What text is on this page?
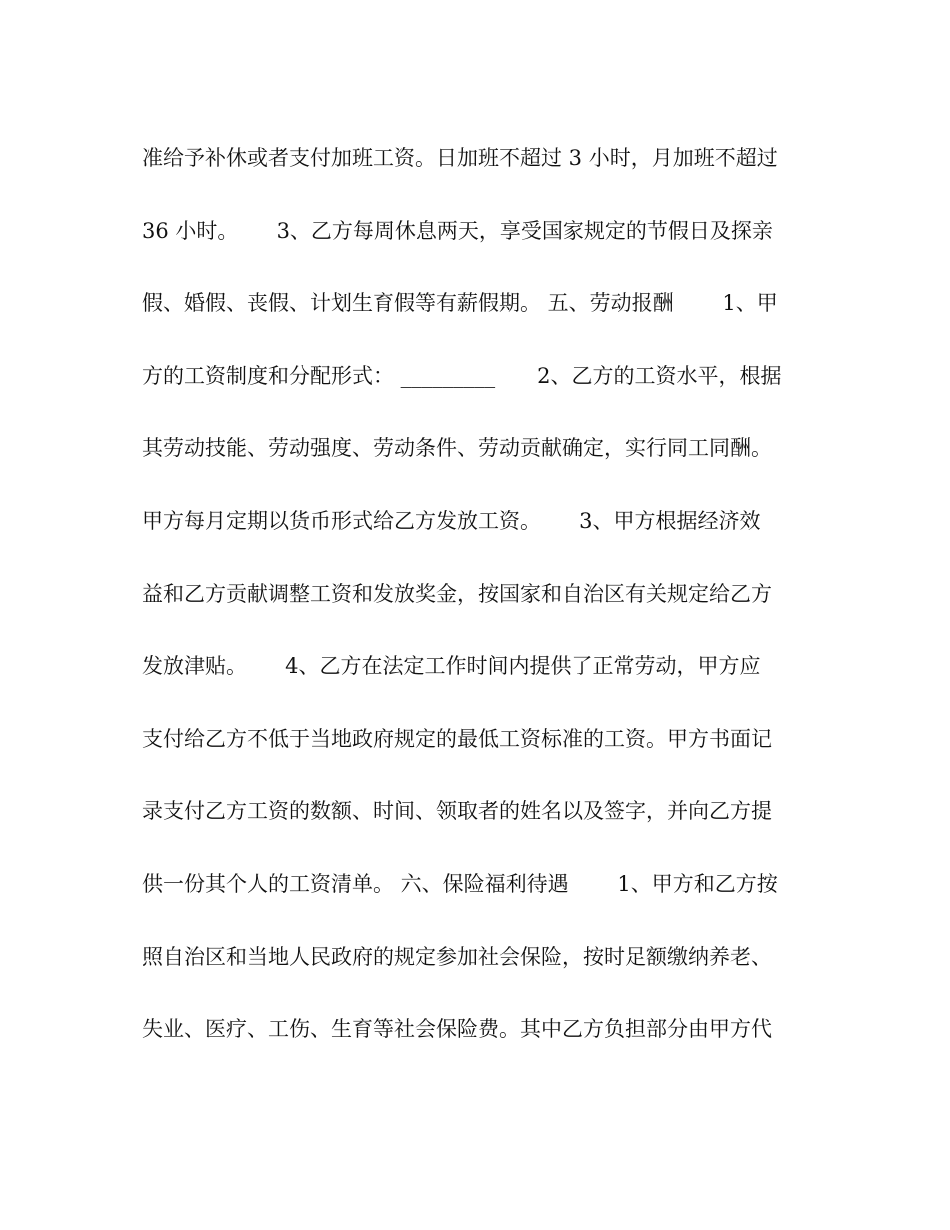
准给予补休或者支付加班工资。日加班不超过 3 小时，月加班不超过
36 小时。　　 3、乙方每周休息两天，享受国家规定的节假日及探亲
假、婚假、丧假、计划生育假等有薪假期。 五、劳动报酬　　 1、甲
方的工资制度和分配形式： _________　　2、乙方的工资水平，根据
其劳动技能、劳动强度、劳动条件、劳动贡献确定，实行同工同酬。
甲方每月定期以货币形式给乙方发放工资。　　 3、甲方根据经济效
益和乙方贡献调整工资和发放奖金，按国家和自治区有关规定给乙方
发放津贴。　　 4、乙方在法定工作时间内提供了正常劳动，甲方应
支付给乙方不低于当地政府规定的最低工资标准的工资。甲方书面记
录支付乙方工资的数额、时间、领取者的姓名以及签字，并向乙方提
供一份其个人的工资清单。 六、保险福利待遇　　 1、甲方和乙方按
照自治区和当地人民政府的规定参加社会保险，按时足额缴纳养老、
失业、医疗、工伤、生育等社会保险费。其中乙方负担部分由甲方代
